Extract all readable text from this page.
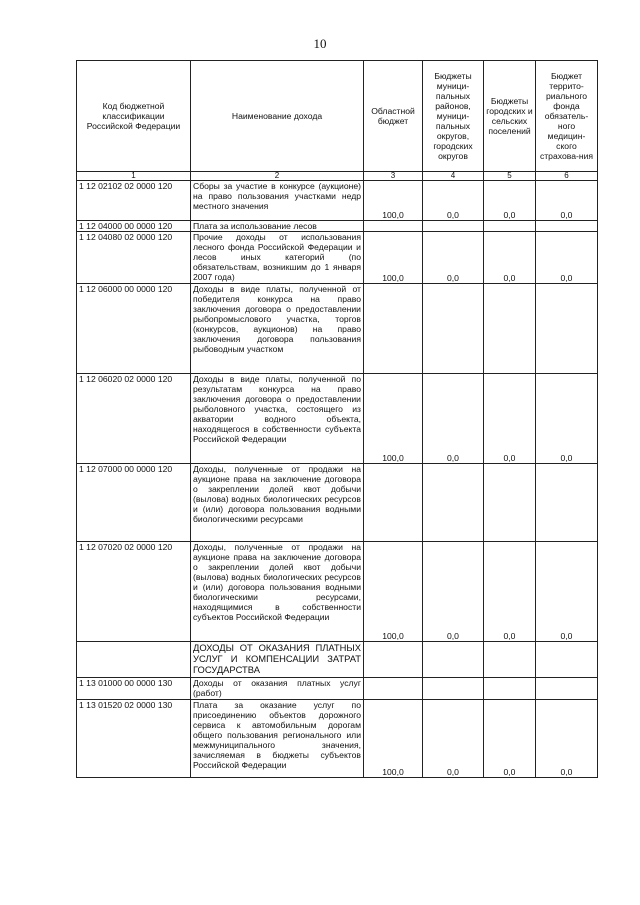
10
Код бюджетной классификации Российской Федерации	Наименование дохода	Областной бюджет	Бюджеты муници-пальных районов, муници-пальных округов, городских округов	Бюджеты городских и сельских поселений	Бюджет террито-риального фонда обязатель-ного медицин-ского страхова-ния
1	2	3	4	5	6
1 12 02102 02 0000 120	Сборы за участие в конкурсе (аукционе) на право пользования участками недр местного значения	100,0	0,0	0,0	0,0
1 12 04000 00 0000 120	Плата за использование лесов				
1 12 04080 02 0000 120	Прочие доходы от использования лесного фонда Российской Федерации и лесов иных категорий (по обязательствам, возникшим до 1 января 2007 года)	100,0	0,0	0,0	0,0
1 12 06000 00 0000 120	Доходы в виде платы, полученной от победителя конкурса на право заключения договора о предоставлении рыбопромыслового участка, торгов (конкурсов, аукционов) на право заключения договора пользования рыбоводным участком				
1 12 06020 02 0000 120	Доходы в виде платы, полученной по результатам конкурса на право заключения договора о предоставлении рыболовного участка, состоящего из акватории водного объекта, находящегося в собственности субъекта Российской Федерации	100,0	0,0	0,0	0,0
1 12 07000 00 0000 120	Доходы, полученные от продажи на аукционе права на заключение договора о закреплении долей квот добычи (вылова) водных биологических ресурсов и (или) договора пользования водными биологическими ресурсами				
1 12 07020 02 0000 120	Доходы, полученные от продажи на аукционе права на заключение договора о закреплении долей квот добычи (вылова) водных биологических ресурсов и (или) договора пользования водными биологическими ресурсами, находящимися в собственности субъектов Российской Федерации	100,0	0,0	0,0	0,0
	ДОХОДЫ ОТ ОКАЗАНИЯ ПЛАТНЫХ УСЛУГ И КОМПЕНСАЦИИ ЗАТРАТ ГОСУДАРСТВА				
1 13 01000 00 0000 130	Доходы от оказания платных услуг (работ)				
1 13 01520 02 0000 130	Плата за оказание услуг по присоединению объектов дорожного сервиса к автомобильным дорогам общего пользования регионального или межмуниципального значения, зачисляемая в бюджеты субъектов Российской Федерации	100,0	0,0	0,0	0,0
